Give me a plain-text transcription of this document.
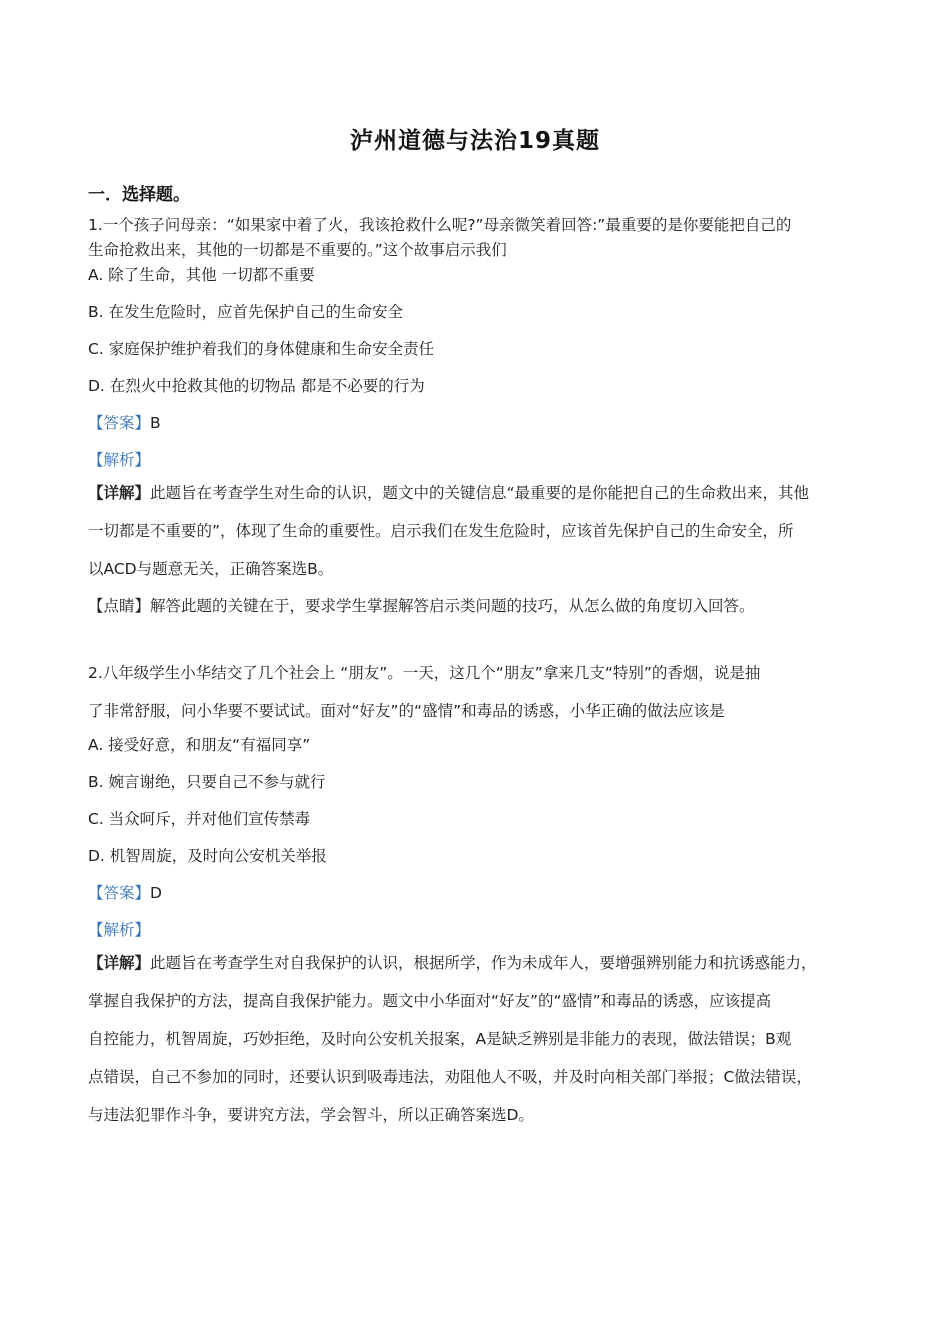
泸州道德与法治19真题
一．选择题。
1.一个孩子问母亲：“如果家中着了火，我该抢救什么呢?”母亲微笑着回答:”最重要的是你要能把自己的
生命抢救出来，其他的一切都是不重要的。”这个故事启示我们
A. 除了生命，其他 一切都不重要
B. 在发生危险时，应首先保护自己的生命安全
C. 家庭保护维护着我们的身体健康和生命安全责任
D. 在烈火中抢救其他的切物品 都是不必要的行为
【答案】B
【解析】
【详解】此题旨在考查学生对生命的认识，题文中的关键信息“最重要的是你能把自己的生命救出来，其他
一切都是不重要的”，体现了生命的重要性。启示我们在发生危险时，应该首先保护自己的生命安全，所
以ACD与题意无关，正确答案选B。
【点睛】解答此题的关键在于，要求学生掌握解答启示类问题的技巧，从怎么做的角度切入回答。
2.八年级学生小华结交了几个社会上 “朋友”。一天，这几个“朋友”拿来几支“特别”的香烟，说是抽
了非常舒服，问小华要不要试试。面对“好友”的“盛情”和毒品的诱惑，小华正确的做法应该是
A. 接受好意，和朋友“有福同享”
B. 婉言谢绝，只要自己不参与就行
C. 当众呵斥，并对他们宣传禁毒
D. 机智周旋，及时向公安机关举报
【答案】D
【解析】
【详解】此题旨在考查学生对自我保护的认识，根据所学，作为未成年人，要增强辨别能力和抗诱惑能力，
掌握自我保护的方法，提高自我保护能力。题文中小华面对“好友”的“盛情”和毒品的诱惑，应该提高
自控能力，机智周旋，巧妙拒绝，及时向公安机关报案，A是缺乏辨别是非能力的表现，做法错误；B观
点错误，自己不参加的同时，还要认识到吸毒违法，劝阻他人不吸，并及时向相关部门举报；C做法错误，
与违法犯罪作斗争，要讲究方法，学会智斗，所以正确答案选D。
